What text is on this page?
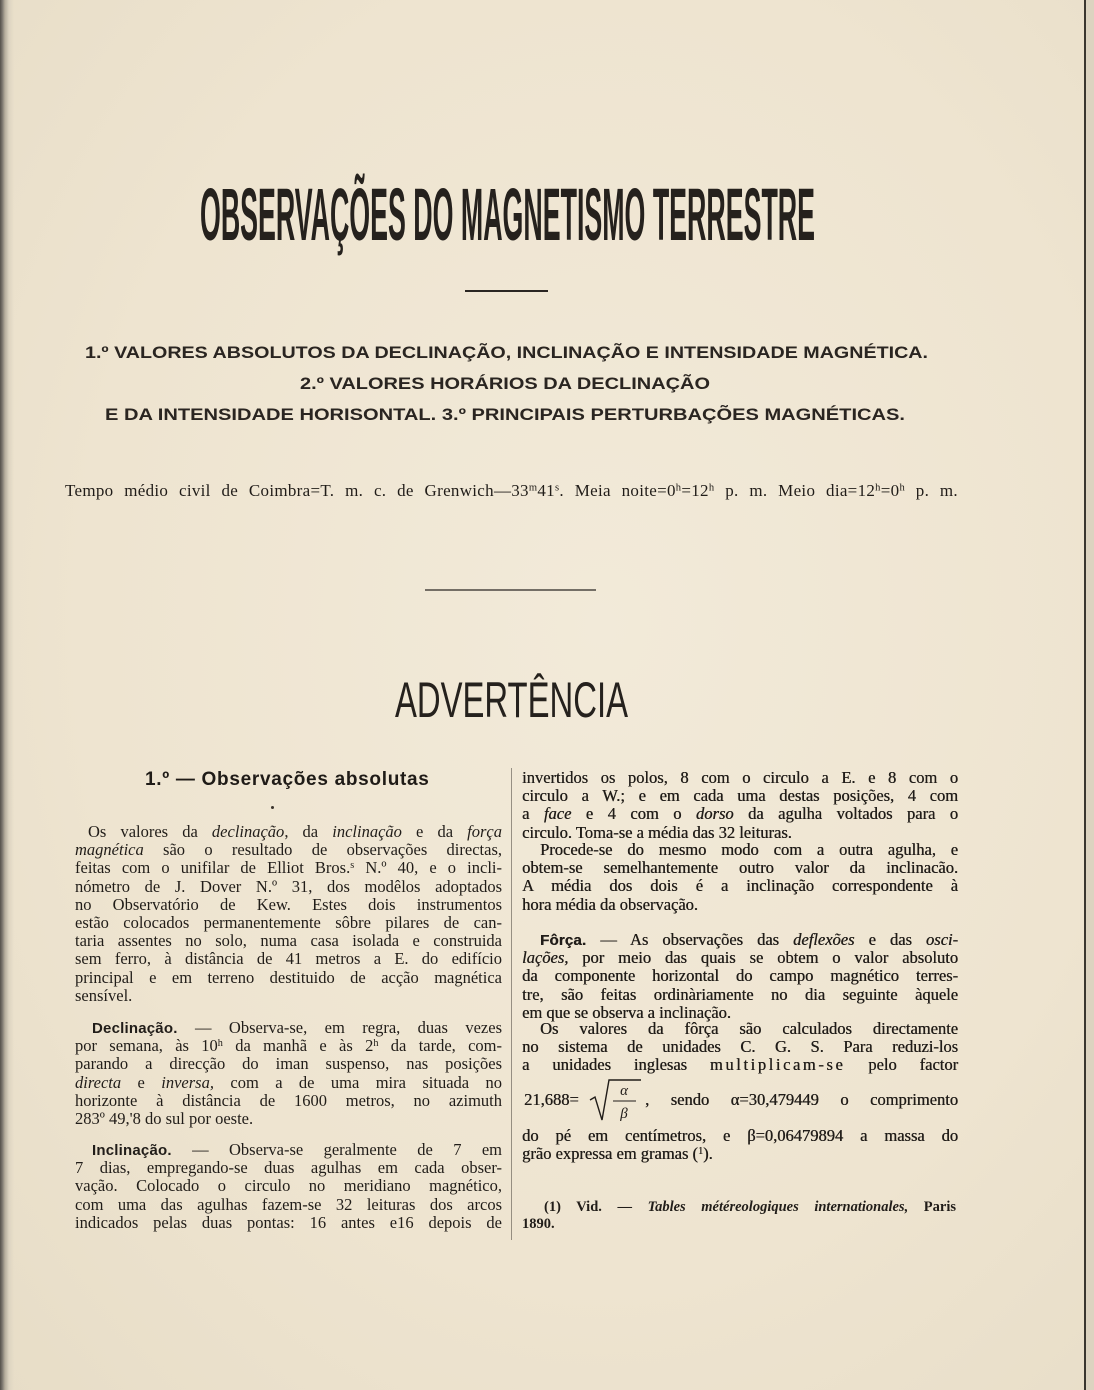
OBSERVAÇÕES DO MAGNETISMO TERRESTRE
1.º VALORES ABSOLUTOS DA DECLINAÇÃO, INCLINAÇÃO E INTENSIDADE MAGNÉTICA.
2.º VALORES HORÁRIOS DA DECLINAÇÃO
E DA INTENSIDADE HORISONTAL. 3.º PRINCIPAIS PERTURBAÇÕES MAGNÉTICAS.
ADVERTÊNCIA
Tempo médio civil de Coimbra=T. m. c. de Grenwich—33$^m$41$^s$. Meia $noite=0^h=12^h$ p. m. Meio $dia=12^h=0^h$ p. m.
1.º — Observações absolutas
Os valores da declinação, da inclinação e da força
magnética são o resultado de observações directas,
feitas com o unifilar de Elliot Bros.$^s$ N.º 40, e o incli-
nómetro de J. Dover N.º 31, dos modêlos adoptados
no Observatório de Kew. Estes dois instrumentos
estão colocados permanentemente sôbre pilares de can-
taria assentes no solo, numa casa isolada e construida
sem ferro, à distância de 41 metros a E. do edifício
principal e em terreno destituido de acção magnética
sensível.
Declinação. — Observa-se, em regra, duas vezes
por semana, às 10$^h$ da manhã e às 2$^h$ da tarde, com-
parando a direcção do iman suspenso, nas posições
directa e inversa, com a de uma mira situada no
horizonte à distância de 1600 metros, no azimuth
283º 49,'8 do sul por oeste.
Inclinação. — Observa-se geralmente de 7 em
7 dias, empregando-se duas agulhas em cada obser-
vação. Colocado o circulo no meridiano magnético,
com uma das agulhas fazem-se 32 leituras dos arcos
indicados pelas duas pontas: 16 antes e16 depois de
invertidos os polos, 8 com o circulo a E. e 8 com o
circulo a W.; e em cada uma destas posições, 4 com
a face e 4 com o dorso da agulha voltados para o
circulo. Toma-se a média das 32 leituras.
Procede-se do mesmo modo com a outra agulha, e
obtem-se semelhantemente outro valor da inclinacão.
A média dos dois é a inclinação correspondente à
hora média da observação.
Fôrça. — As observações das deflexões e das osci-
lações, por meio das quais se obtem o valor absoluto
da componente horizontal do campo magnético terres-
tre, são feitas ordinàriamente no dia seguinte àquele
em que se observa a inclinação.
Os valores da fôrça são calculados directamente
no sistema de unidades C. G. S. Para reduzi-los
a unidades inglesas multiplicam-se pelo factor
21,688=	α
β
, sendo α=30,479449 o comprimento
do pé em centímetros, e β=0,06479894 a massa do
grão expressa em gramas ($^1$).
(1) Vid. — Tables météreologiques internationales, Paris
1890.
